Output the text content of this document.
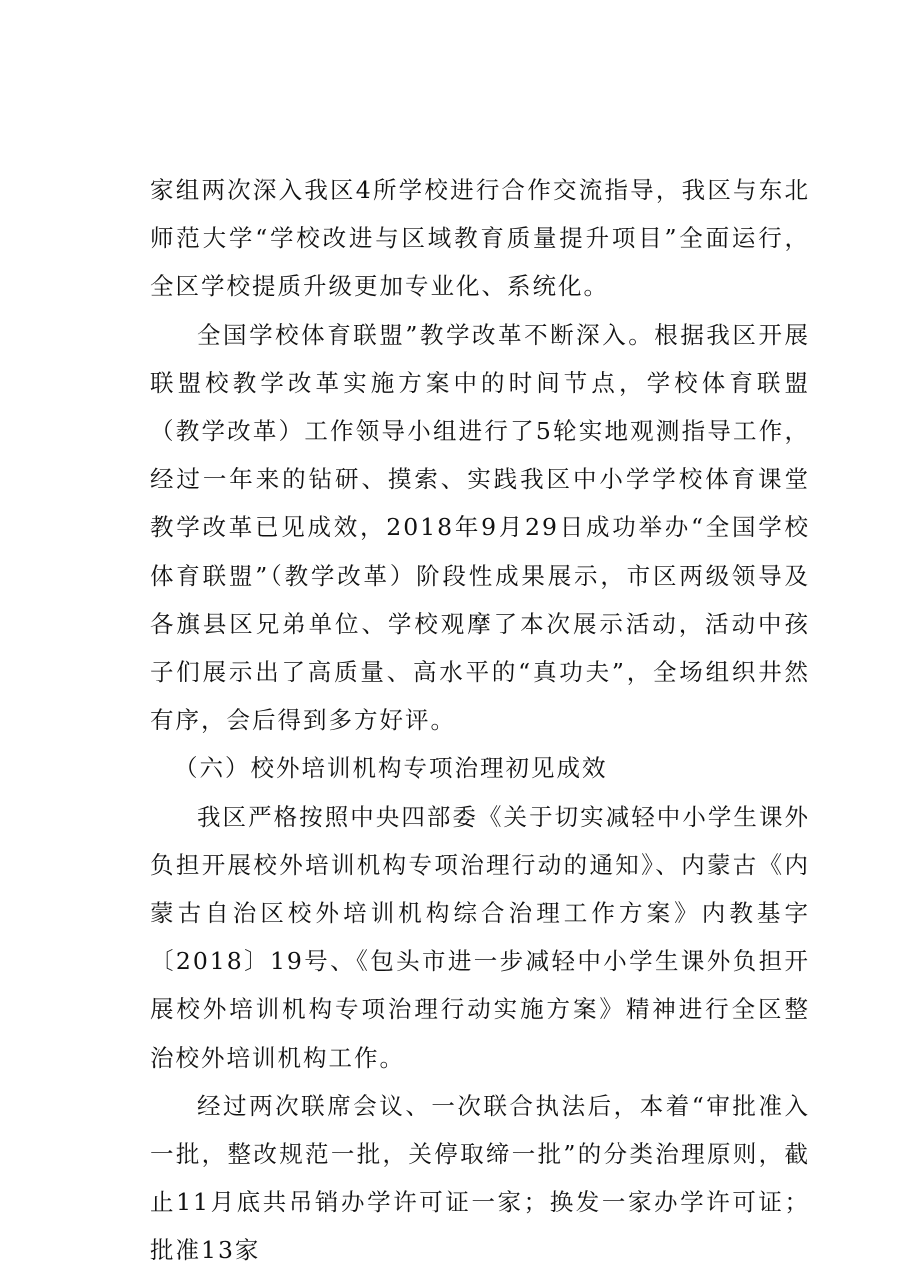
家组两次深入我区4所学校进行合作交流指导，我区与东北师范大学“学校改进与区域教育质量提升项目”全面运行，全区学校提质升级更加专业化、系统化。

全国学校体育联盟”教学改革不断深入。根据我区开展联盟校教学改革实施方案中的时间节点，学校体育联盟（教学改革）工作领导小组进行了5轮实地观测指导工作，经过一年来的钻研、摸索、实践我区中小学学校体育课堂教学改革已见成效，2018年9月29日成功举办“全国学校体育联盟”（教学改革）阶段性成果展示，市区两级领导及各旗县区兄弟单位、学校观摩了本次展示活动，活动中孩子们展示出了高质量、高水平的“真功夫”，全场组织井然有序，会后得到多方好评。

（六）校外培训机构专项治理初见成效

我区严格按照中央四部委《关于切实减轻中小学生课外负担开展校外培训机构专项治理行动的通知》、内蒙古《内蒙古自治区校外培训机构综合治理工作方案》内教基字〔2018〕19号、《包头市进一步减轻中小学生课外负担开展校外培训机构专项治理行动实施方案》精神进行全区整治校外培训机构工作。

经过两次联席会议、一次联合执法后，本着“审批准入一批，整改规范一批，关停取缔一批”的分类治理原则，截止11月底共吊销办学许可证一家；换发一家办学许可证；批准13家
